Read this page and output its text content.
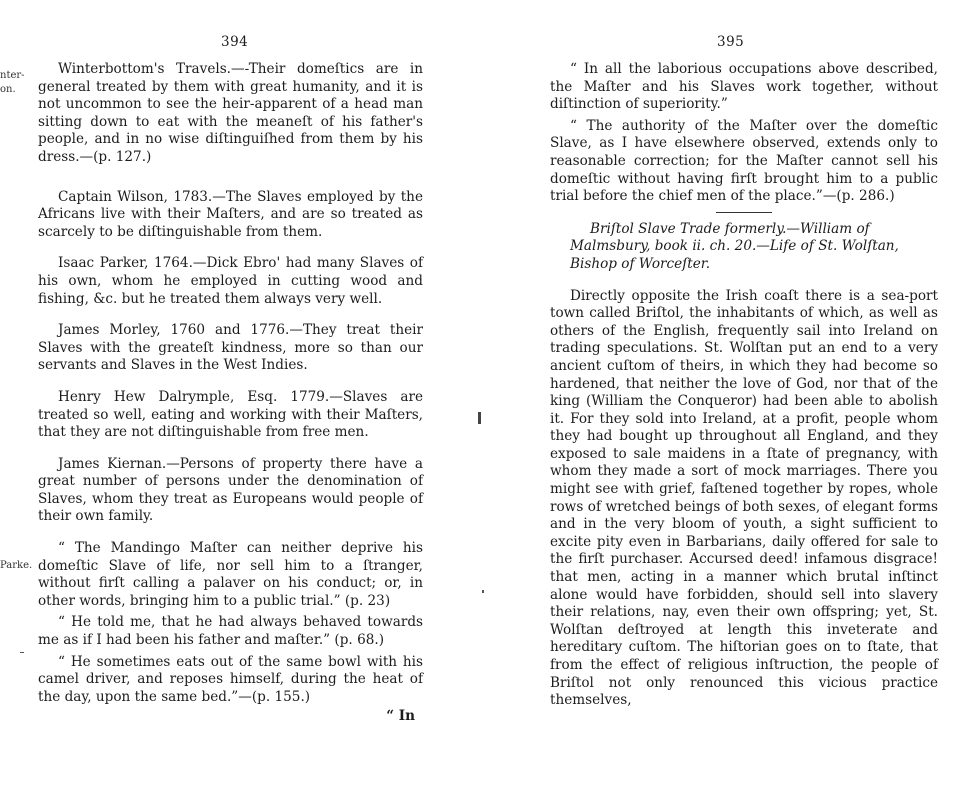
394
nter-
on.
Parke.

Winterbottom's Travels.—-Their domeſtics are in general treated by them with great humanity, and it is not uncommon to see the heir-apparent of a head man sitting down to eat with the meaneſt of his father's people, and in no wise diſtinguiſhed from them by his dress.—(p. 127.)

Captain Wilson, 1783.—The Slaves employed by the Africans live with their Maſters, and are so treated as scarcely to be diſtinguishable from them.

Isaac Parker, 1764.—Dick Ebro' had many Slaves of his own, whom he employed in cutting wood and fishing, &c. but he treated them always very well.

James Morley, 1760 and 1776.—They treat their Slaves with the greateſt kindness, more so than our servants and Slaves in the West Indies.

Henry Hew Dalrymple, Esq. 1779.—Slaves are treated so well, eating and working with their Maſters, that they are not diſtinguishable from free men.

James Kiernan.—Persons of property there have a great number of persons under the denomination of Slaves, whom they treat as Europeans would people of their own family.

“ The Mandingo Maſter can neither deprive his domeſtic Slave of life, nor sell him to a ſtranger, without firſt calling a palaver on his conduct; or, in other words, bringing him to a public trial.” (p. 23)

“ He told me, that he had always behaved towards me as if I had been his father and maſter.” (p. 68.)

“ He sometimes eats out of the same bowl with his camel driver, and reposes himself, during the heat of the day, upon the same bed.”—(p. 155.)

“ In
395

“ In all the laborious occupations above described, the Maſter and his Slaves work together, without diſtinction of superiority.”

“ The authority of the Maſter over the domeſtic Slave, as I have elsewhere observed, extends only to reasonable correction; for the Maſter cannot sell his domeſtic without having firſt brought him to a public trial before the chief men of the place.”—(p. 286.)

Briſtol Slave Trade formerly.—William of Malmsbury, book ii. ch. 20.—Life of St. Wolſtan, Bishop of Worceſter.

Directly opposite the Irish coaſt there is a sea-port town called Briſtol, the inhabitants of which, as well as others of the English, frequently sail into Ireland on trading speculations. St. Wolſtan put an end to a very ancient cuſtom of theirs, in which they had become so hardened, that neither the love of God, nor that of the king (William the Conqueror) had been able to abolish it. For they sold into Ireland, at a profit, people whom they had bought up throughout all England, and they exposed to sale maidens in a ſtate of pregnancy, with whom they made a sort of mock marriages. There you might see with grief, faſtened together by ropes, whole rows of wretched beings of both sexes, of elegant forms and in the very bloom of youth, a sight sufficient to excite pity even in Barbarians, daily offered for sale to the firſt purchaser. Accursed deed! infamous disgrace! that men, acting in a manner which brutal inſtinct alone would have forbidden, should sell into slavery their relations, nay, even their own offspring; yet, St. Wolſtan deſtroyed at length this inveterate and hereditary cuſtom. The hiſtorian goes on to ſtate, that from the effect of religious inſtruction, the people of Briſtol not only renounced this vicious practice themselves,
